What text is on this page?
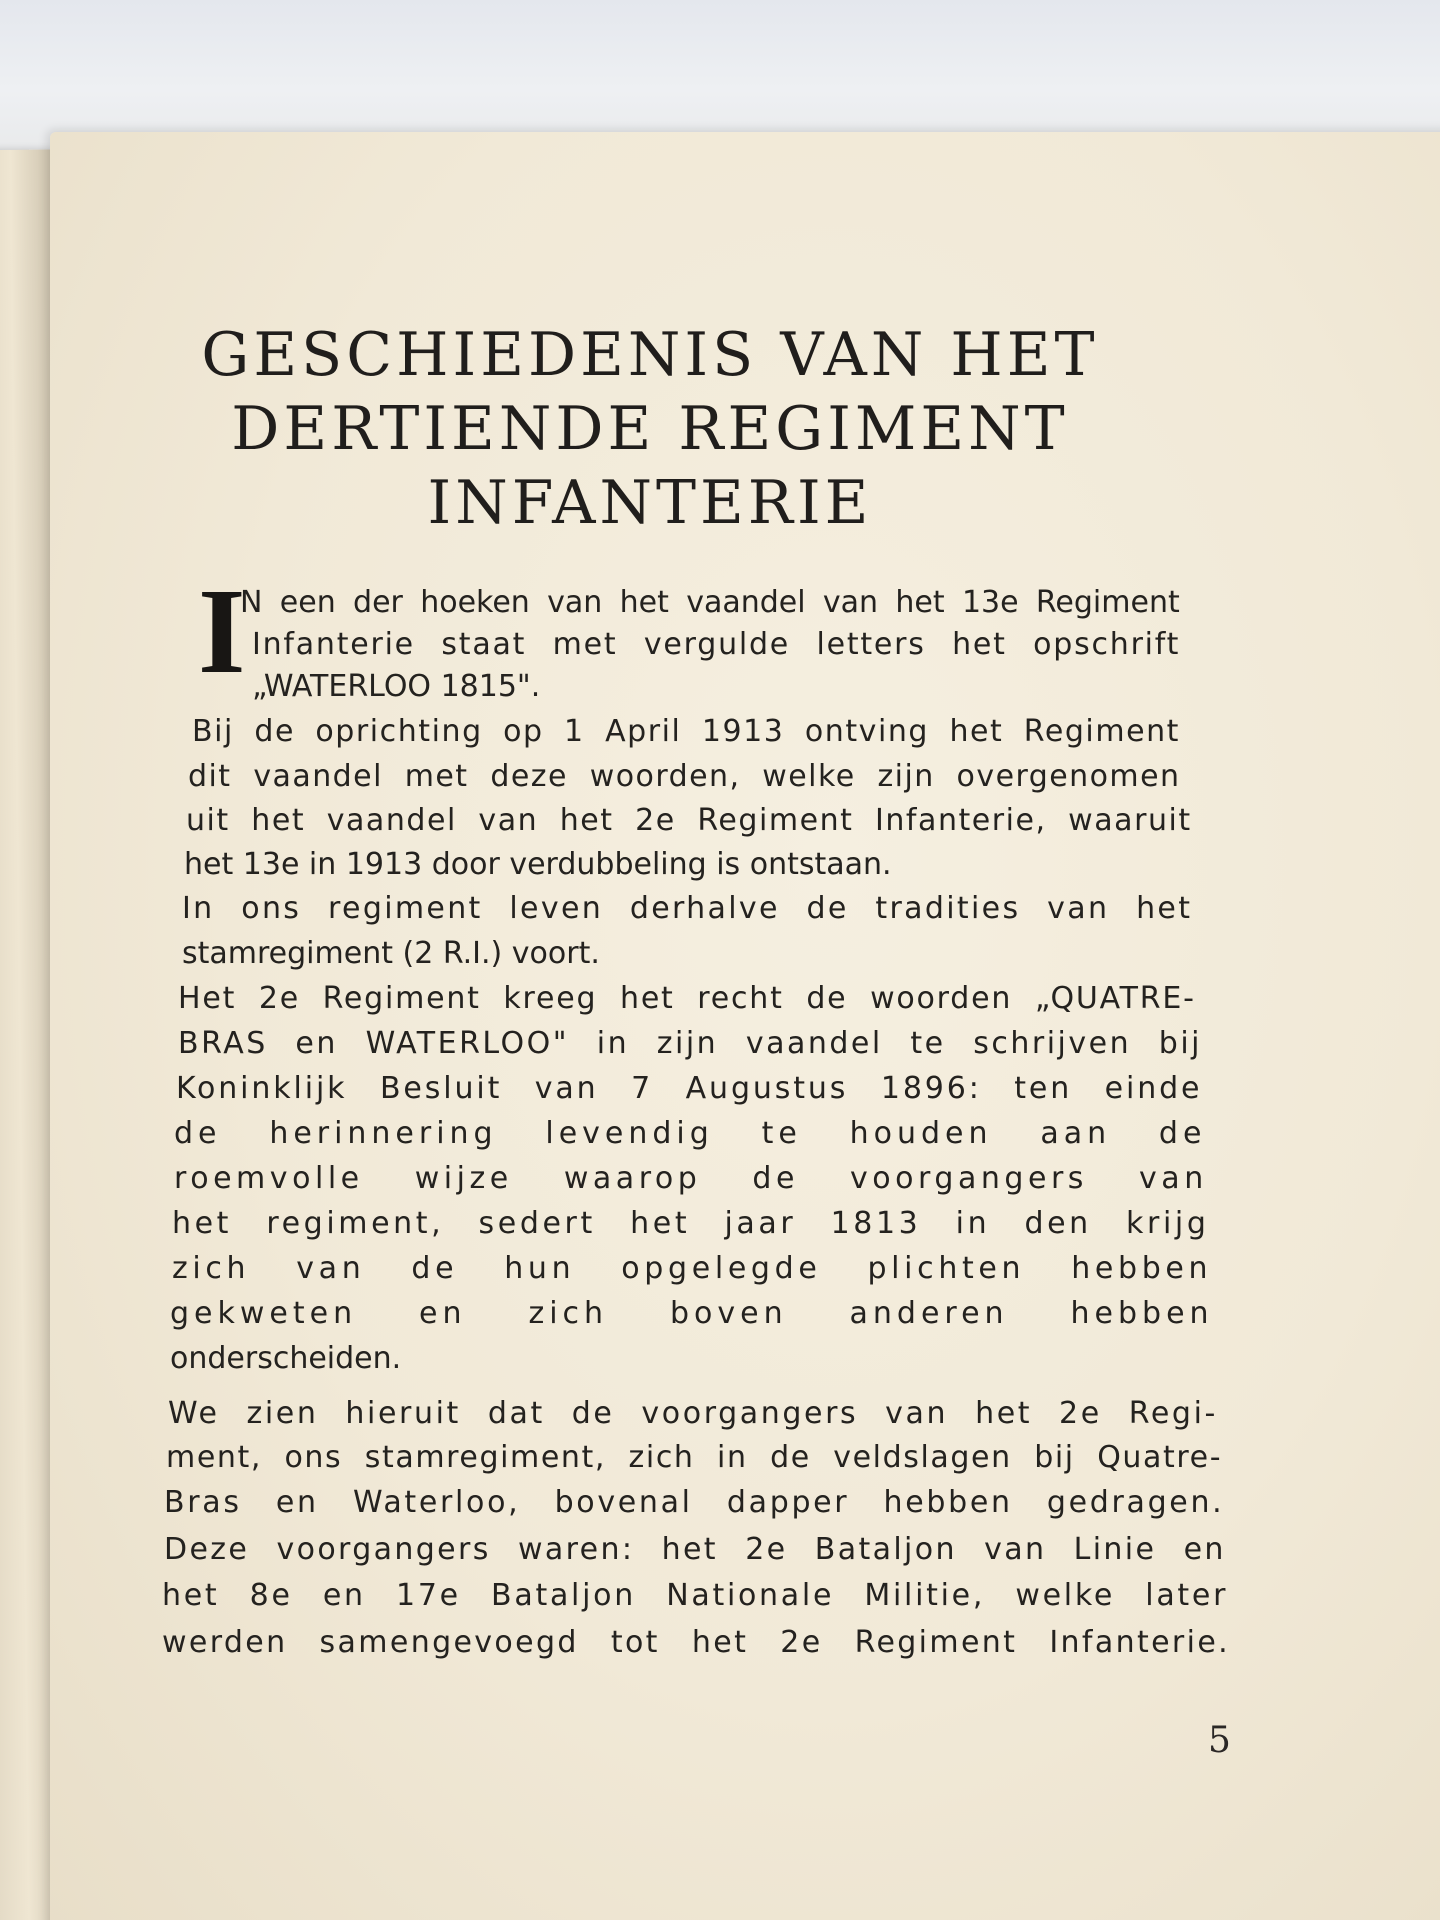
GESCHIEDENIS VAN HET
DERTIENDE REGIMENT
INFANTERIE
I
N een der hoeken van het vaandel van het 13e Regiment
Infanterie staat met vergulde letters het opschrift
„WATERLOO 1815".
Bij de oprichting op 1 April 1913 ontving het Regiment
dit vaandel met deze woorden, welke zijn overgenomen
uit het vaandel van het 2e Regiment Infanterie, waaruit
het 13e in 1913 door verdubbeling is ontstaan.
In ons regiment leven derhalve de tradities van het
stamregiment (2 R.I.) voort.
Het 2e Regiment kreeg het recht de woorden „QUATRE-
BRAS en WATERLOO" in zijn vaandel te schrijven bij
Koninklijk Besluit van 7 Augustus 1896: ten einde
de herinnering levendig te houden aan de
roemvolle wijze waarop de voorgangers van
het regiment, sedert het jaar 1813 in den krijg
zich van de hun opgelegde plichten hebben
gekweten en zich boven anderen hebben
onderscheiden.
We zien hieruit dat de voorgangers van het 2e Regi-
ment, ons stamregiment, zich in de veldslagen bij Quatre-
Bras en Waterloo, bovenal dapper hebben gedragen.
Deze voorgangers waren: het 2e Bataljon van Linie en
het 8e en 17e Bataljon Nationale Militie, welke later
werden samengevoegd tot het 2e Regiment Infanterie.
5
